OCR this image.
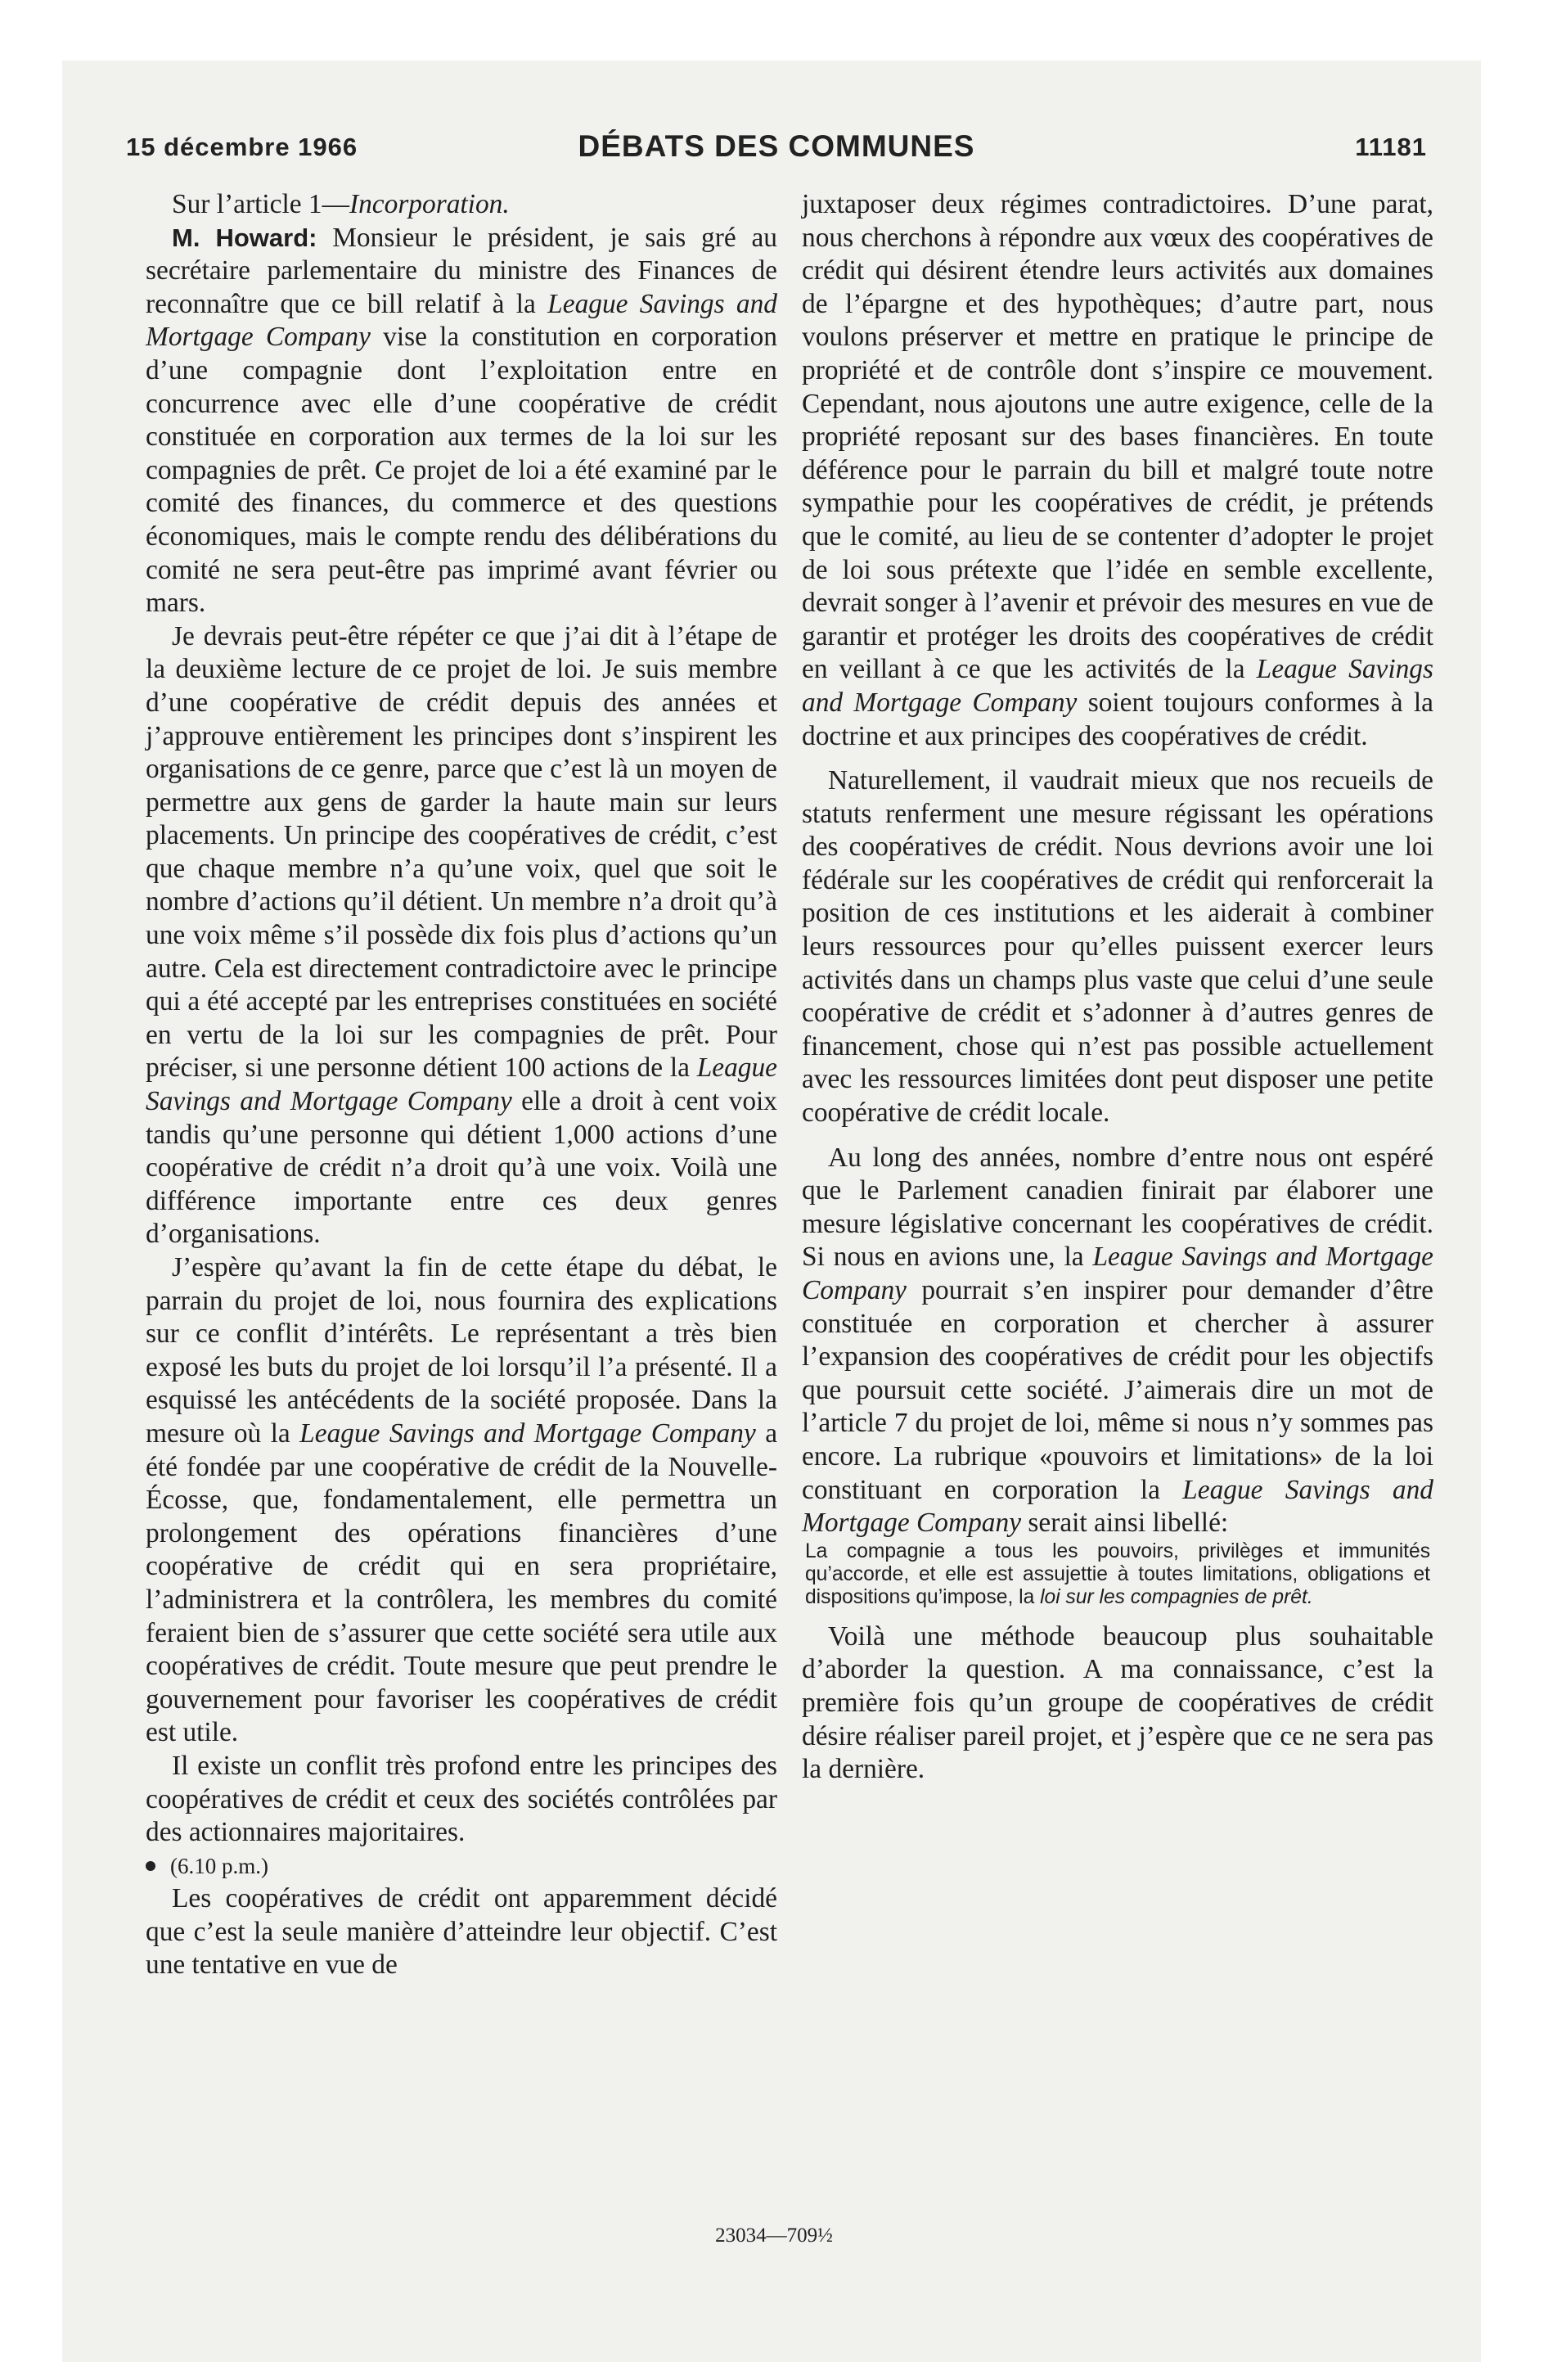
15 décembre 1966	DÉBATS DES COMMUNES	11181

Sur l’article 1—Incorporation.

M. Howard: Monsieur le président, je sais gré au secrétaire parlementaire du ministre des Finances de reconnaître que ce bill relatif à la League Savings and Mortgage Company vise la constitution en corporation d’une compagnie dont l’exploitation entre en concurrence avec elle d’une coopérative de crédit constituée en corporation aux termes de la loi sur les compagnies de prêt. Ce projet de loi a été examiné par le comité des finances, du commerce et des questions économiques, mais le compte rendu des délibérations du comité ne sera peut-être pas imprimé avant février ou mars.

Je devrais peut-être répéter ce que j’ai dit à l’étape de la deuxième lecture de ce projet de loi. Je suis membre d’une coopérative de crédit depuis des années et j’approuve entièrement les principes dont s’inspirent les organisations de ce genre, parce que c’est là un moyen de permettre aux gens de garder la haute main sur leurs placements. Un principe des coopératives de crédit, c’est que chaque membre n’a qu’une voix, quel que soit le nombre d’actions qu’il détient. Un membre n’a droit qu’à une voix même s’il possède dix fois plus d’actions qu’un autre. Cela est directement contradictoire avec le principe qui a été accepté par les entreprises constituées en société en vertu de la loi sur les compagnies de prêt. Pour préciser, si une personne détient 100 actions de la League Savings and Mortgage Company elle a droit à cent voix tandis qu’une personne qui détient 1,000 actions d’une coopérative de crédit n’a droit qu’à une voix. Voilà une différence importante entre ces deux genres d’organisations.

J’espère qu’avant la fin de cette étape du débat, le parrain du projet de loi, nous fournira des explications sur ce conflit d’intérêts. Le représentant a très bien exposé les buts du projet de loi lorsqu’il l’a présenté. Il a esquissé les antécédents de la société proposée. Dans la mesure où la League Savings and Mortgage Company a été fondée par une coopérative de crédit de la Nouvelle-Écosse, que, fondamentalement, elle permettra un prolongement des opérations financières d’une coopérative de crédit qui en sera propriétaire, l’administrera et la contrôlera, les membres du comité feraient bien de s’assurer que cette société sera utile aux coopératives de crédit. Toute mesure que peut prendre le gouvernement pour favoriser les coopératives de crédit est utile.

Il existe un conflit très profond entre les principes des coopératives de crédit et ceux des sociétés contrôlées par des actionnaires majoritaires.

(6.10 p.m.)

Les coopératives de crédit ont apparemment décidé que c’est la seule manière d’atteindre leur objectif. C’est une tentative en vue de

juxtaposer deux régimes contradictoires. D’une parat, nous cherchons à répondre aux vœux des coopératives de crédit qui désirent étendre leurs activités aux domaines de l’épargne et des hypothèques; d’autre part, nous voulons préserver et mettre en pratique le principe de propriété et de contrôle dont s’inspire ce mouvement. Cependant, nous ajoutons une autre exigence, celle de la propriété reposant sur des bases financières. En toute déférence pour le parrain du bill et malgré toute notre sympathie pour les coopératives de crédit, je prétends que le comité, au lieu de se contenter d’adopter le projet de loi sous prétexte que l’idée en semble excellente, devrait songer à l’avenir et prévoir des mesures en vue de garantir et protéger les droits des coopératives de crédit en veillant à ce que les activités de la League Savings and Mortgage Company soient toujours conformes à la doctrine et aux principes des coopératives de crédit.

Naturellement, il vaudrait mieux que nos recueils de statuts renferment une mesure régissant les opérations des coopératives de crédit. Nous devrions avoir une loi fédérale sur les coopératives de crédit qui renforcerait la position de ces institutions et les aiderait à combiner leurs ressources pour qu’elles puissent exercer leurs activités dans un champs plus vaste que celui d’une seule coopérative de crédit et s’adonner à d’autres genres de financement, chose qui n’est pas possible actuellement avec les ressources limitées dont peut disposer une petite coopérative de crédit locale.

Au long des années, nombre d’entre nous ont espéré que le Parlement canadien finirait par élaborer une mesure législative concernant les coopératives de crédit. Si nous en avions une, la League Savings and Mortgage Company pourrait s’en inspirer pour demander d’être constituée en corporation et chercher à assurer l’expansion des coopératives de crédit pour les objectifs que poursuit cette société. J’aimerais dire un mot de l’article 7 du projet de loi, même si nous n’y sommes pas encore. La rubrique «pouvoirs et limitations» de la loi constituant en corporation la League Savings and Mortgage Company serait ainsi libellé:

La compagnie a tous les pouvoirs, privilèges et immunités qu’accorde, et elle est assujettie à toutes limitations, obligations et dispositions qu’impose, la loi sur les compagnies de prêt.

Voilà une méthode beaucoup plus souhaitable d’aborder la question. A ma connaissance, c’est la première fois qu’un groupe de coopératives de crédit désire réaliser pareil projet, et j’espère que ce ne sera pas la dernière.

23034—709½
